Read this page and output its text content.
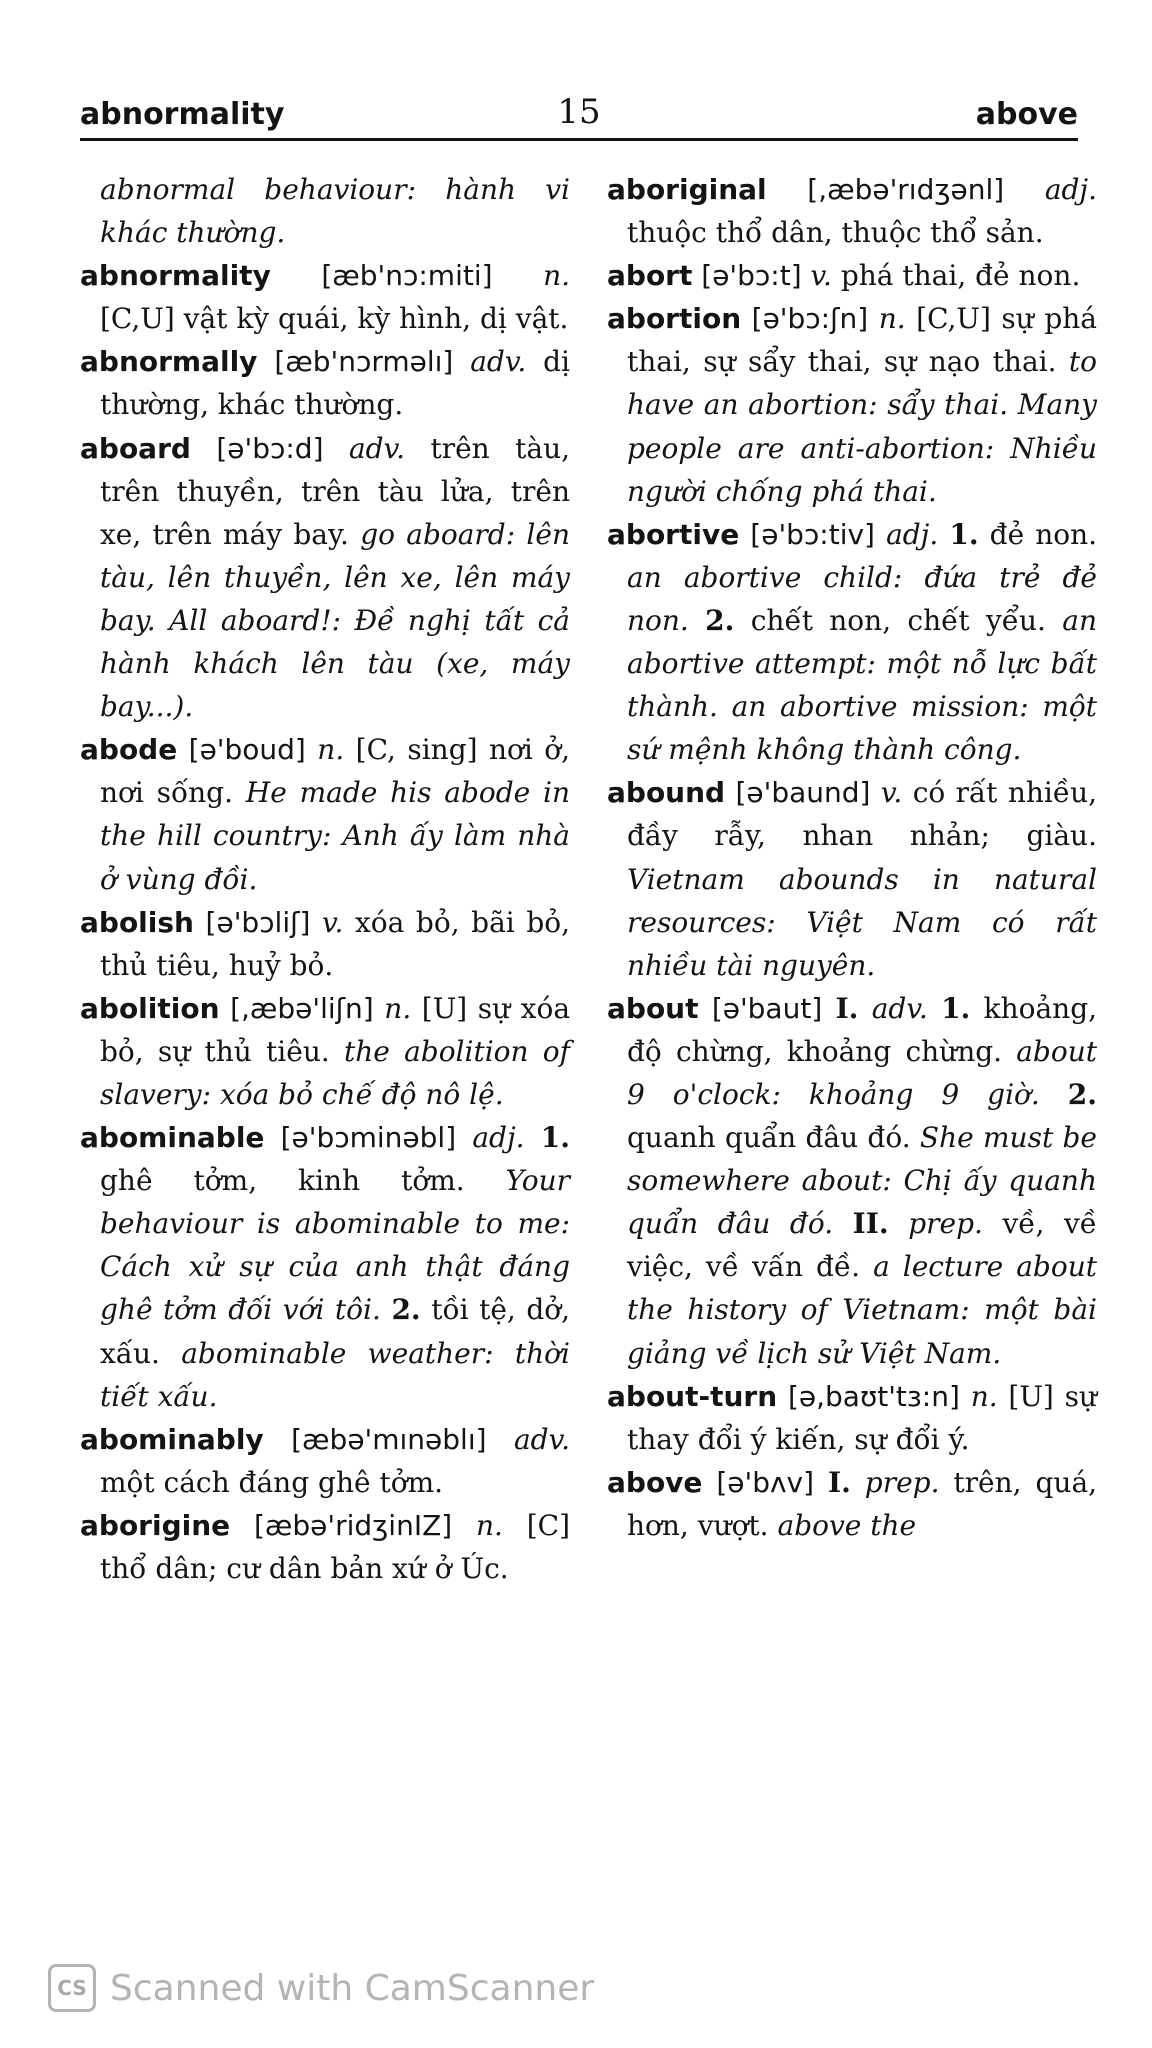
abnormality	15	above

abnormal behaviour: hành vi khác thường.

abnormality [æb'nɔ:miti] n. [C,U] vật kỳ quái, kỳ hình, dị vật.

abnormally [æb'nɔrməlı] adv. dị thường, khác thường.

aboard [ə'bɔ:d] adv. trên tàu, trên thuyền, trên tàu lửa, trên xe, trên máy bay. go aboard: lên tàu, lên thuyền, lên xe, lên máy bay. All aboard!: Đề nghị tất cả hành khách lên tàu (xe, máy bay...).

abode [ə'boud] n. [C, sing] nơi ở, nơi sống. He made his abode in the hill country: Anh ấy làm nhà ở vùng đồi.

abolish [ə'bɔliʃ] v. xóa bỏ, bãi bỏ, thủ tiêu, huỷ bỏ.

abolition [,æbə'liʃn] n. [U] sự xóa bỏ, sự thủ tiêu. the abolition of slavery: xóa bỏ chế độ nô lệ.

abominable [ə'bɔminəbl] adj. 1. ghê tởm, kinh tởm. Your behaviour is abominable to me: Cách xử sự của anh thật đáng ghê tởm đối với tôi. 2. tồi tệ, dở, xấu. abominable weather: thời tiết xấu.

abominably [æbə'mınəblı] adv. một cách đáng ghê tởm.

aborigine [æbə'ridʒinIZ] n. [C] thổ dân; cư dân bản xứ ở Úc.

aboriginal [,æbə'rıdʒənl] adj. thuộc thổ dân, thuộc thổ sản.

abort [ə'bɔ:t] v. phá thai, đẻ non.

abortion [ə'bɔ:ʃn] n. [C,U] sự phá thai, sự sẩy thai, sự nạo thai. to have an abortion: sẩy thai. Many people are anti-abortion: Nhiều người chống phá thai.

abortive [ə'bɔ:tiv] adj. 1. đẻ non. an abortive child: đứa trẻ đẻ non. 2. chết non, chết yểu. an abortive attempt: một nỗ lực bất thành. an abortive mission: một sứ mệnh không thành công.

abound [ə'baund] v. có rất nhiều, đầy rẫy, nhan nhản; giàu. Vietnam abounds in natural resources: Việt Nam có rất nhiều tài nguyên.

about [ə'baut] I. adv. 1. khoảng, độ chừng, khoảng chừng. about 9 o'clock: khoảng 9 giờ. 2. quanh quẩn đâu đó. She must be somewhere about: Chị ấy quanh quẩn đâu đó. II. prep. về, về việc, về vấn đề. a lecture about the history of Vietnam: một bài giảng về lịch sử Việt Nam.

about-turn [ə,baʊt'tɜ:n] n. [U] sự thay đổi ý kiến, sự đổi ý.

above [ə'bʌv] I. prep. trên, quá, hơn, vượt. above the

CS Scanned with CamScanner
